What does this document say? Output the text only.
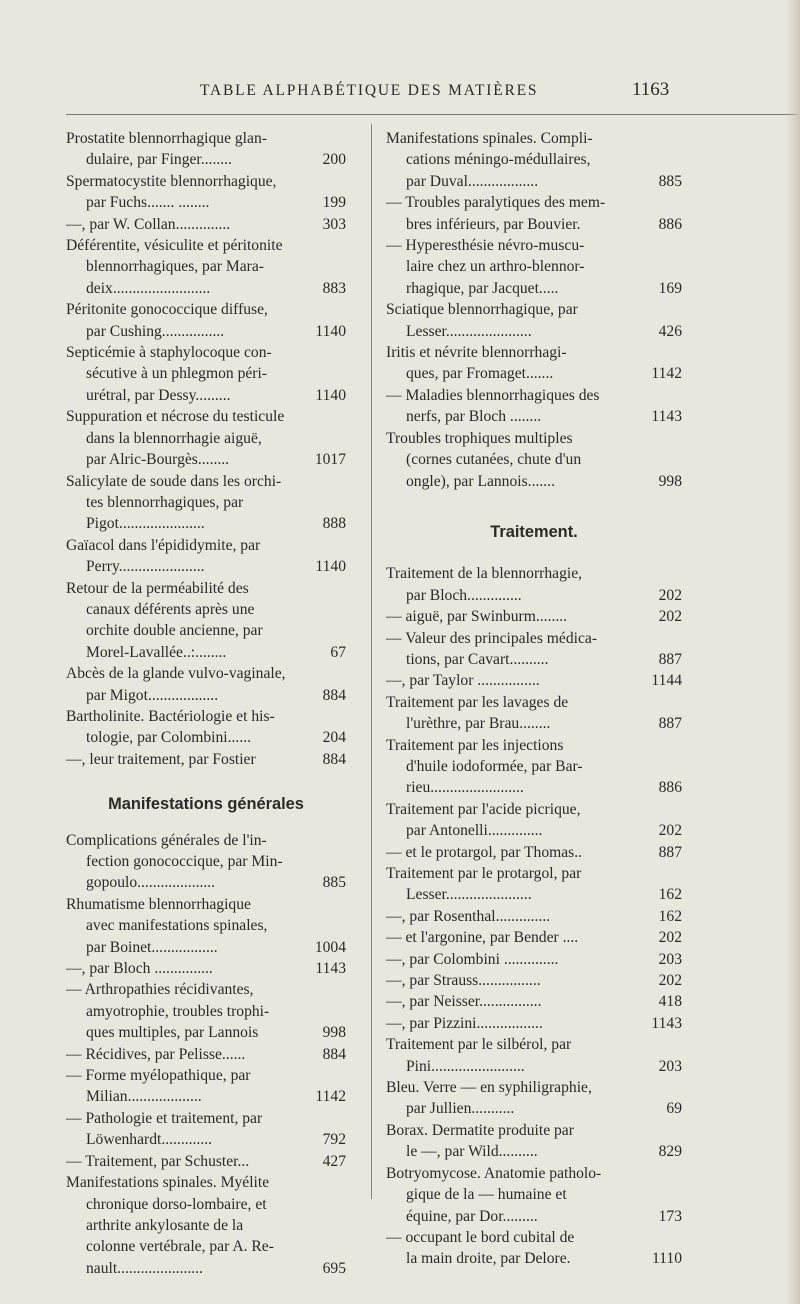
TABLE ALPHABÉTIQUE DES MATIÈRES	1163
Prostatite blennorrhagique glan-
dulaire, par Finger........	200
Spermatocystite blennorrhagique,
par Fuchs....... ........	199
—, par W. Collan..............	303
Déférentite, vésiculite et péritonite
blennorrhagiques, par Mara-
deix.........................	883
Péritonite gonococcique diffuse,
par Cushing................	1140
Septicémie à staphylocoque con-
sécutive à un phlegmon péri-
urétral, par Dessy.........	1140
Suppuration et nécrose du testicule
dans la blennorrhagie aiguë,
par Alric-Bourgès........	1017
Salicylate de soude dans les orchi-
tes blennorrhagiques, par
Pigot......................	888
Gaïacol dans l'épididymite, par
Perry......................	1140
Retour de la perméabilité des
canaux déférents après une
orchite double ancienne, par
Morel-Lavallée..:........	67
Abcès de la glande vulvo-vaginale,
par Migot..................	884
Bartholinite. Bactériologie et his-
tologie, par Colombini......	204
—, leur traitement, par Fostier	884
Manifestations générales
Complications générales de l'in-
fection gonococcique, par Min-
gopoulo....................	885
Rhumatisme blennorrhagique
avec manifestations spinales,
par Boinet.................	1004
—, par Bloch ...............	1143
— Arthropathies récidivantes,
amyotrophie, troubles trophi-
ques multiples, par Lannois	998
— Récidives, par Pelisse......	884
— Forme myélopathique, par
Milian...................	1142
— Pathologie et traitement, par
Löwenhardt.............	792
— Traitement, par Schuster...	427
Manifestations spinales. Myélite
chronique dorso-lombaire, et
arthrite ankylosante de la
colonne vertébrale, par A. Re-
nault......................	695
Manifestations spinales. Compli-
cations méningo-médullaires,
par Duval..................	885
— Troubles paralytiques des mem-
bres inférieurs, par Bouvier.	886
— Hyperesthésie névro-muscu-
laire chez un arthro-blennor-
rhagique, par Jacquet.....	169
Sciatique blennorrhagique, par
Lesser......................	426
Iritis et névrite blennorrhagi-
ques, par Fromaget.......	1142
— Maladies blennorrhagiques des
nerfs, par Bloch ........	1143
Troubles trophiques multiples
(cornes cutanées, chute d'un
ongle), par Lannois.......	998
Traitement.
Traitement de la blennorrhagie,
par Bloch..............	202
— aiguë, par Swinburm........	202
— Valeur des principales médica-
tions, par Cavart..........	887
—, par Taylor ................	1144
Traitement par les lavages de
l'urèthre, par Brau........	887
Traitement par les injections
d'huile iodoformée, par Bar-
rieu........................	886
Traitement par l'acide picrique,
par Antonelli..............	202
— et le protargol, par Thomas..	887
Traitement par le protargol, par
Lesser......................	162
—, par Rosenthal..............	162
— et l'argonine, par Bender ....	202
—, par Colombini ..............	203
—, par Strauss................	202
—, par Neisser................	418
—, par Pizzini.................	1143
Traitement par le silbérol, par
Pini........................	203
Bleu. Verre — en syphiligraphie,
par Jullien...........	69
Borax. Dermatite produite par
le —, par Wild..........	829
Botryomycose. Anatomie patholo-
gique de la — humaine et
équine, par Dor.........	173
— occupant le bord cubital de
la main droite, par Delore.	1110
